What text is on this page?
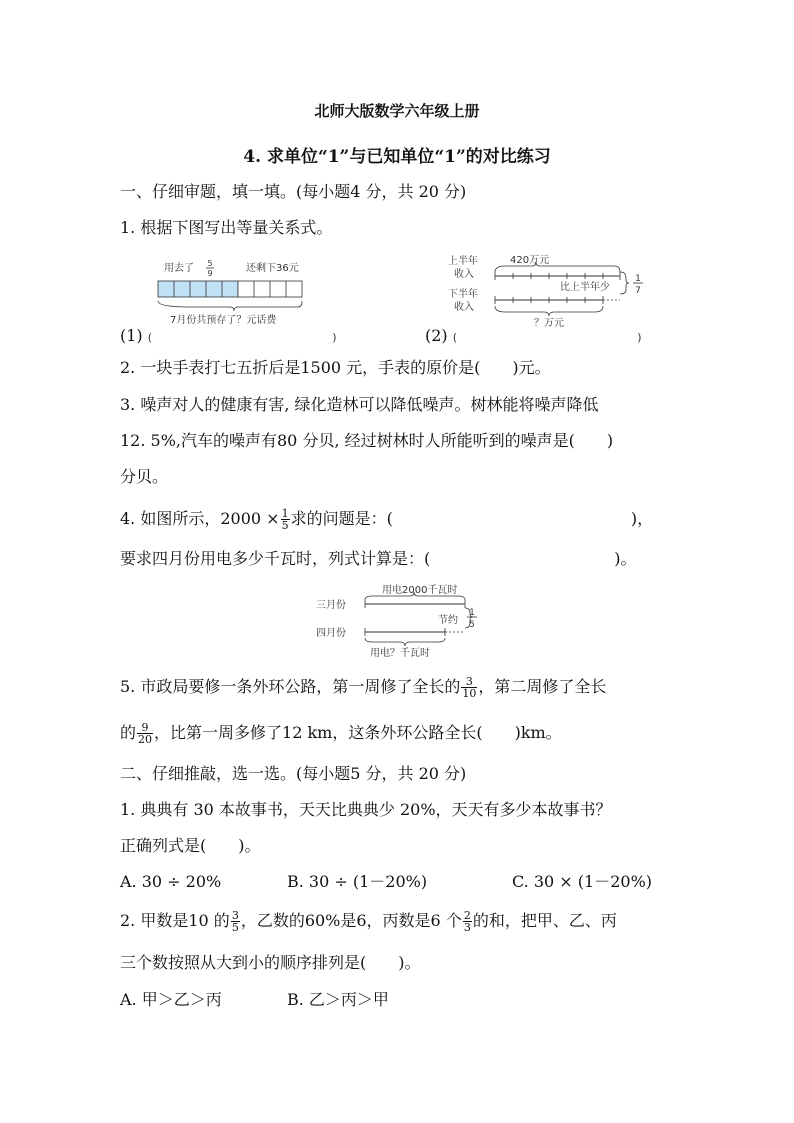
北师大版数学六年级上册
4. 求单位“1”与已知单位“1”的对比练习
一、仔细审题，填一填。(每小题4 分，共 20 分)
1. 根据下图写出等量关系式。
用去了 5
9	还剩下36元
7月份共预存了？元话费
(1) (	)
上半年
收入
下半年
收入
420万元
比上半年少
1
7
？万元
(2) (	)
2. 一块手表打七五折后是1500 元，手表的原价是(　　)元。
3. 噪声对人的健康有害, 绿化造林可以降低噪声。树林能将噪声降低
12. 5%,汽车的噪声有80 分贝, 经过树林时人所能听到的噪声是(　　)
分贝。
4. 如图所示，$2000 \times \frac{1}{5}$ 求的问题是：(	)，
要求四月份用电多少千瓦时，列式计算是：(	)。
三月份
四月份
用电2000千瓦时
节约
1
5
用电？千瓦时
5. 市政局要修一条外环公路，第一周修了全长的 $\frac{3}{10}$ ，第二周修了全长
的 $\frac{9}{20}$ ，比第一周多修了12 km，这条外环公路全长(　　)km。
二、仔细推敲，选一选。(每小题5 分，共 20 分)
1. 典典有 30 本故事书，天天比典典少 20%，天天有多少本故事书？
正确列式是(　　)。
A. 30 ÷ 20%	B. 30 ÷ (1－20%)	C. 30 × (1－20%)
2. 甲数是10 的 $\frac{3}{5}$ ，乙数的60%是6，丙数是6 个 $\frac{2}{3}$ 的和，把甲、乙、丙
三个数按照从大到小的顺序排列是(　　)。
A. 甲＞乙＞丙	B. 乙＞丙＞甲
